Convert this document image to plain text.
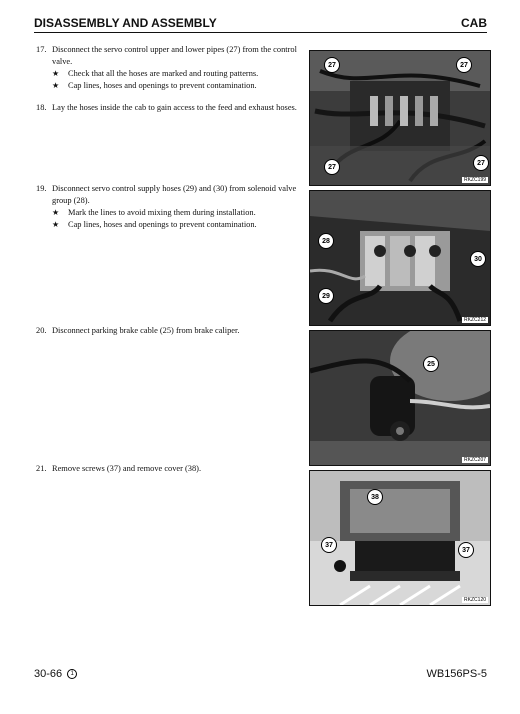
DISASSEMBLY AND ASSEMBLY	CAB
17. Disconnect the servo control upper and lower pipes (27) from the control valve.
★	Check that all the hoses are marked and routing patterns.
★	Cap lines, hoses and openings to prevent contamination.
18. Lay the hoses inside the cab to gain access to the feed and exhaust hoses.
19. Disconnect servo control supply hoses (29) and (30) from solenoid valve group (28).
★	Mark the lines to avoid mixing them during installation.
★	Cap lines, hoses and openings to prevent contamination.
20. Disconnect parking brake cable (25) from brake caliper.
21. Remove screws (37) and remove cover (38).
27	27
27
27
RKZC199
28
30
29
RKZC212
25
RKZC207
38
37
37
RKZC120
30-66 1	WB156PS-5
